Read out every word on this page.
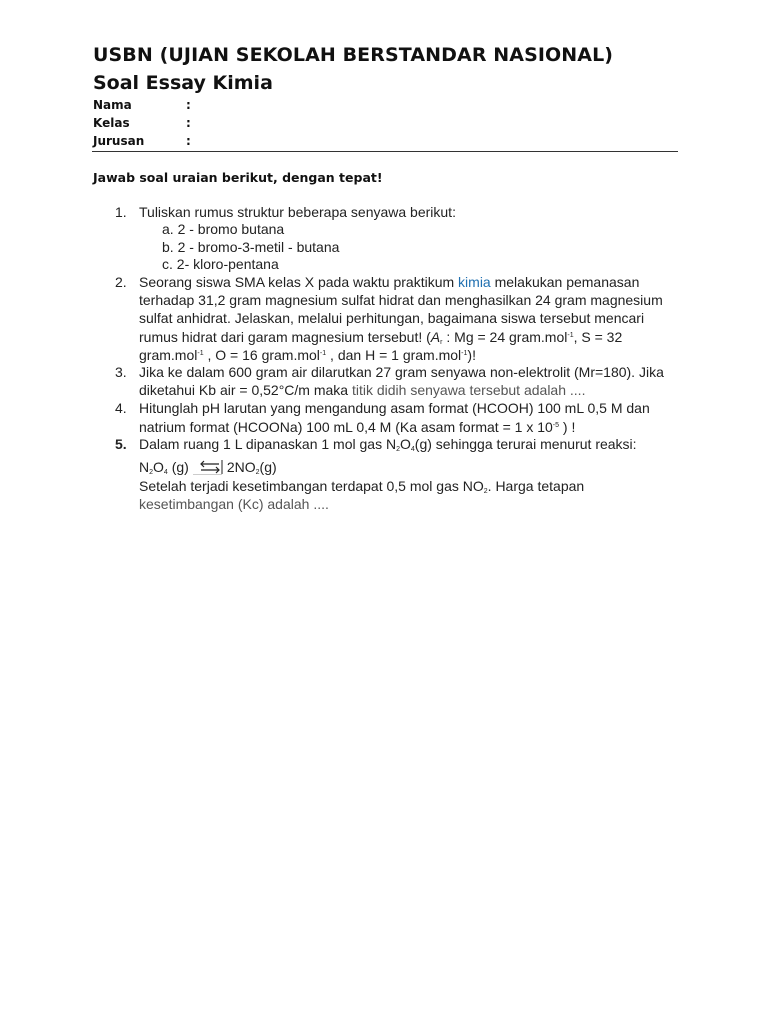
USBN (UJIAN SEKOLAH BERSTANDAR NASIONAL)
Soal Essay Kimia
Nama	:
Kelas	:
Jurusan	:
Jawab soal uraian berikut, dengan tepat!
1. Tuliskan rumus struktur beberapa senyawa berikut:
a. 2 - bromo butana
b. 2 - bromo-3-metil - butana
c. 2- kloro-pentana
2. Seorang siswa SMA kelas X pada waktu praktikum kimia melakukan pemanasan
terhadap 31,2 gram magnesium sulfat hidrat dan menghasilkan 24 gram magnesium
sulfat anhidrat. Jelaskan, melalui perhitungan, bagaimana siswa tersebut mencari
rumus hidrat dari garam magnesium tersebut! ($A_r$ : Mg = 24 gram.mol$^{-1}$, S = 32
gram.mol$^{-1}$ , O = 16 gram.mol$^{-1}$ , dan H = 1 gram.mol$^{-1}$)!
3. Jika ke dalam 600 gram air dilarutkan 27 gram senyawa non-elektrolit (Mr=180). Jika
diketahui Kb air = 0,52°C/m maka titik didih senyawa tersebut adalah ....
4. Hitunglah pH larutan yang mengandung asam format (HCOOH) 100 mL 0,5 M dan
natrium format (HCOONa) 100 mL 0,4 M (Ka asam format = 1 x $10^{-5}$ ) !
5. Dalam ruang 1 L dipanaskan 1 mol gas $N_2O_4(g)$ sehingga terurai menurut reaksi:
$N_2O_4$ (g)	$2NO_2(g)$
Setelah terjadi kesetimbangan terdapat 0,5 mol gas $NO_2$. Harga tetapan
kesetimbangan (Kc) adalah ....
